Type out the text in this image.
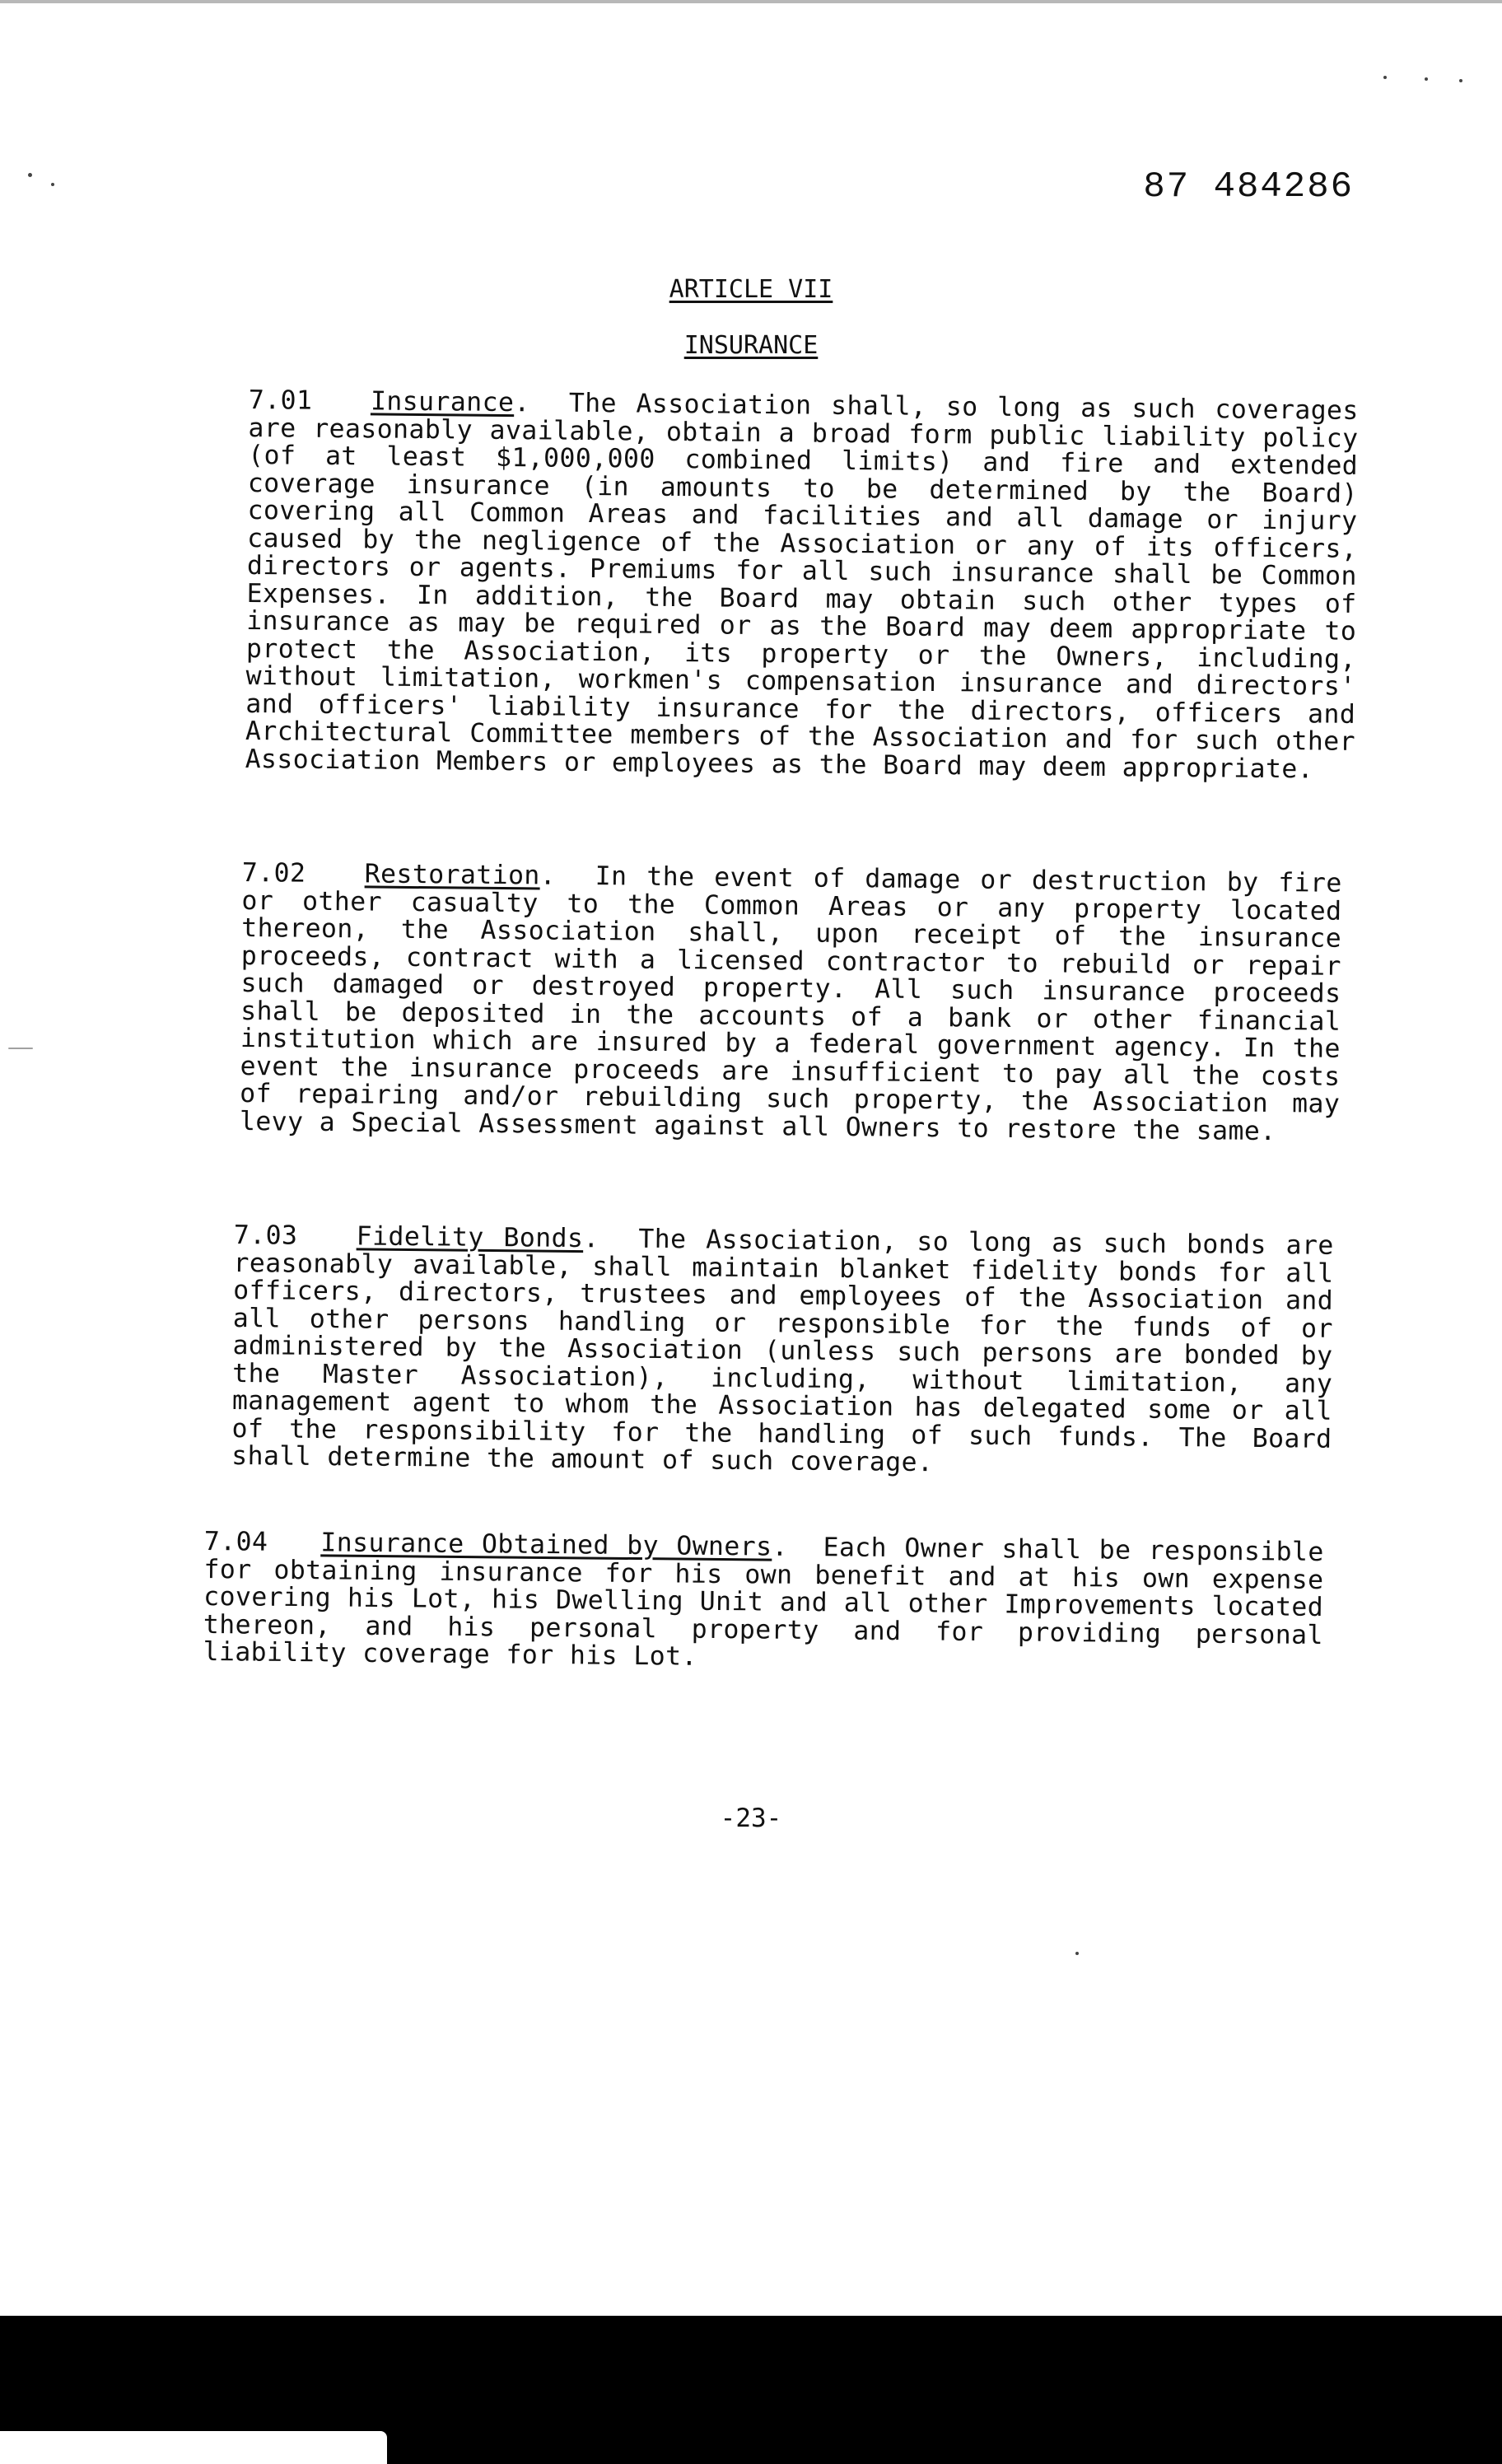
87 484286
ARTICLE VII
INSURANCE
7.01 Insurance.  The Association shall, so long as such coverages are reasonably available, obtain a broad form public liability policy (of at least $1,000,000 combined limits) and fire and extended coverage insurance (in amounts to be determined by the Board) covering all Common Areas and facilities and all damage or injury caused by the negligence of the Association or any of its officers, directors or agents. Premiums for all such insurance shall be Common Expenses. In addition, the Board may obtain such other types of insurance as may be required or as the Board may deem appropriate to protect the Association, its property or the Owners, including, without limitation, workmen's compensation insurance and directors' and officers' liability insurance for the directors, officers and Architectural Committee members of the Association and for such other Association Members or employees as the Board may deem appropriate.
7.02 Restoration.  In the event of damage or destruction by fire or other casualty to the Common Areas or any property located thereon, the Association shall, upon receipt of the insurance proceeds, contract with a licensed contractor to rebuild or repair such damaged or destroyed property. All such insurance proceeds shall be deposited in the accounts of a bank or other financial institution which are insured by a federal government agency. In the event the insurance proceeds are insufficient to pay all the costs of repairing and/or rebuilding such property, the Association may levy a Special Assessment against all Owners to restore the same.
7.03 Fidelity Bonds.  The Association, so long as such bonds are reasonably available, shall maintain blanket fidelity bonds for all officers, directors, trustees and employees of the Association and all other persons handling or responsible for the funds of or administered by the Association (unless such persons are bonded by the Master Association), including, without limitation, any management agent to whom the Association has delegated some or all of the responsibility for the handling of such funds. The Board shall determine the amount of such coverage.
7.04 Insurance Obtained by Owners.  Each Owner shall be responsible for obtaining insurance for his own benefit and at his own expense covering his Lot, his Dwelling Unit and all other Improvements located thereon, and his personal property and for providing personal liability coverage for his Lot.
-23-
